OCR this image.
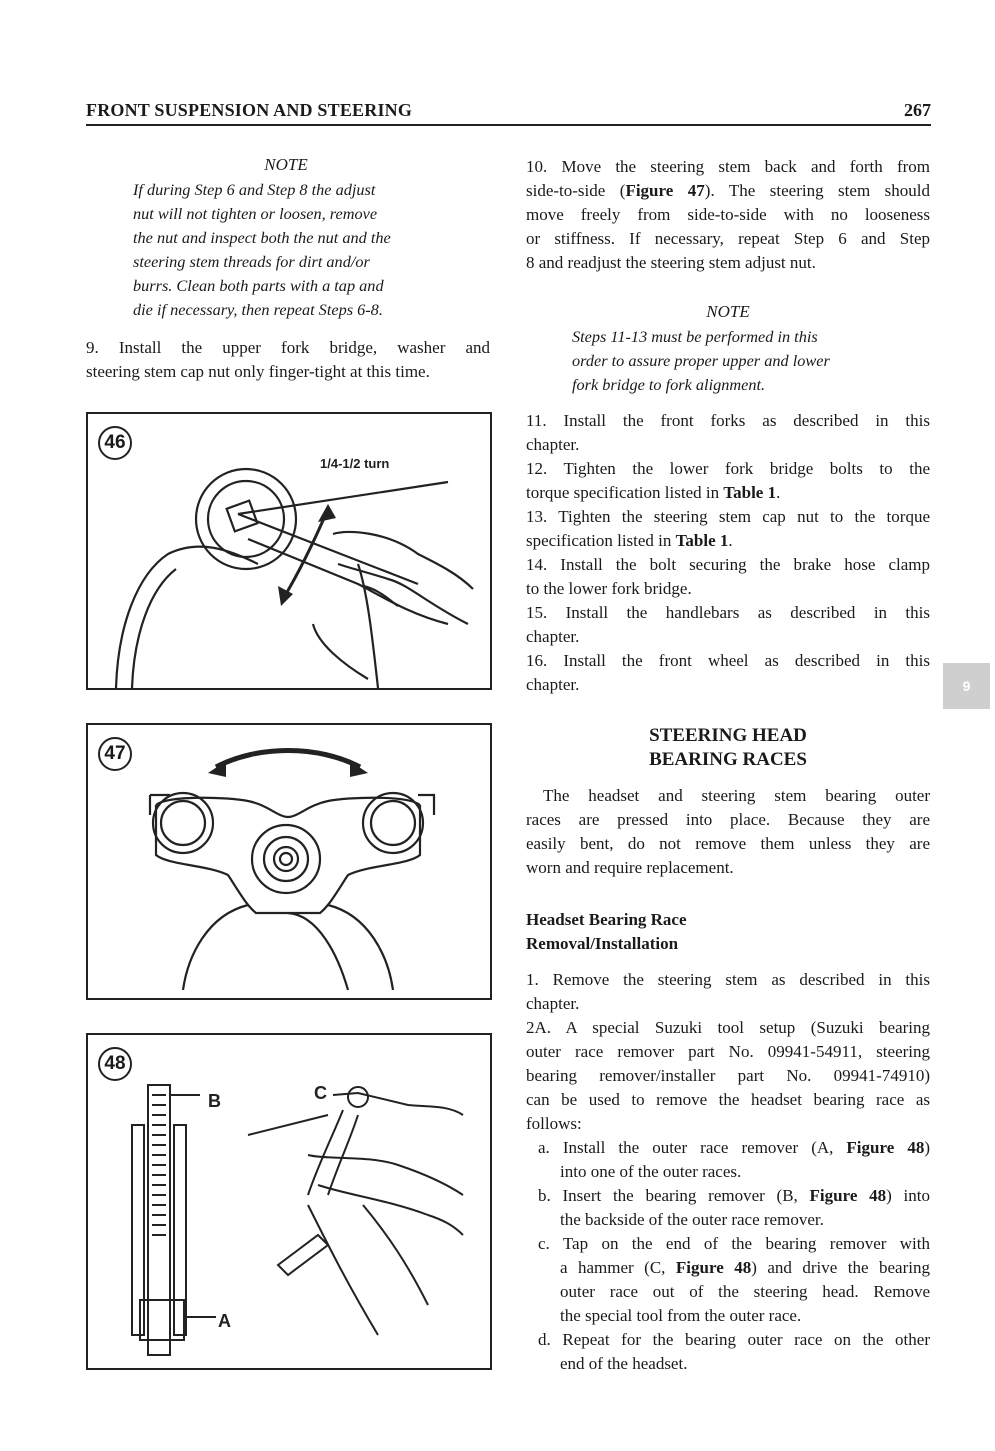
FRONT SUSPENSION AND STEERING	267
NOTE
If during Step 6 and Step 8 the adjust
nut will not tighten or loosen, remove
the nut and inspect both the nut and the
steering stem threads for dirt and/or
burrs. Clean both parts with a tap and
die if necessary, then repeat Steps 6-8.
9. Install the upper fork bridge, washer and
steering stem cap nut only finger-tight at this time.
46
1/4-1/2 turn
47
48
B
A
C
10. Move the steering stem back and forth from
side-to-side (Figure 47). The steering stem should
move freely from side-to-side with no looseness
or stiffness. If necessary, repeat Step 6 and Step
8 and readjust the steering stem adjust nut.
NOTE
Steps 11-13 must be performed in this
order to assure proper upper and lower
fork bridge to fork alignment.
11. Install the front forks as described in this
chapter.
12. Tighten the lower fork bridge bolts to the
torque specification listed in Table 1.
13. Tighten the steering stem cap nut to the torque
specification listed in Table 1.
14. Install the bolt securing the brake hose clamp
to the lower fork bridge.
15. Install the handlebars as described in this
chapter.
16. Install the front wheel as described in this
chapter.
STEERING HEAD
BEARING RACES
The headset and steering stem bearing outer
races are pressed into place. Because they are
easily bent, do not remove them unless they are
worn and require replacement.
Headset Bearing Race
Removal/Installation
1. Remove the steering stem as described in this
chapter.
2A. A special Suzuki tool setup (Suzuki bearing
outer race remover part No. 09941-54911, steering
bearing remover/installer part No. 09941-74910)
can be used to remove the headset bearing race as
follows:
a. Install the outer race remover (A, Figure 48)
into one of the outer races.
b. Insert the bearing remover (B, Figure 48) into
the backside of the outer race remover.
c. Tap on the end of the bearing remover with
a hammer (C, Figure 48) and drive the bearing
outer race out of the steering head. Remove
the special tool from the outer race.
d. Repeat for the bearing outer race on the other
end of the headset.
9
